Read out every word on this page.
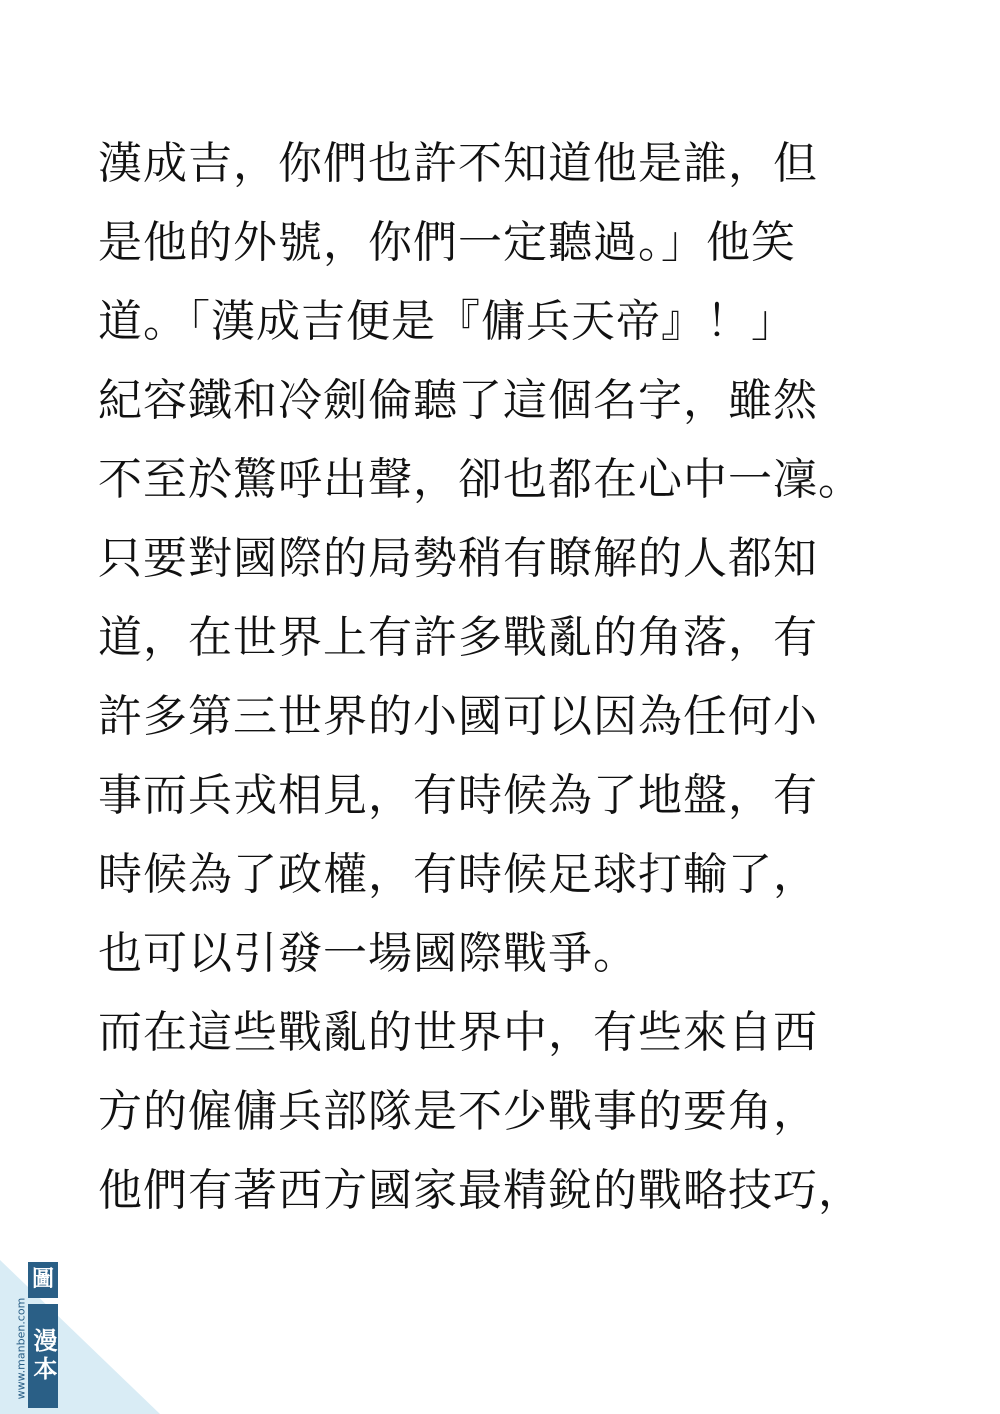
漢成吉，你們也許不知道他是誰，但
是他的外號，你們一定聽過。」他笑
道。「漢成吉便是『傭兵天帝』！」
紀容鐵和冷劍倫聽了這個名字，雖然
不至於驚呼出聲，卻也都在心中一凜。
只要對國際的局勢稍有瞭解的人都知
道，在世界上有許多戰亂的角落，有
許多第三世界的小國可以因為任何小
事而兵戎相見，有時候為了地盤，有
時候為了政權，有時候足球打輸了，
也可以引發一場國際戰爭。
而在這些戰亂的世界中，有些來自西
方的僱傭兵部隊是不少戰事的要角，
他們有著西方國家最精銳的戰略技巧，
www.manben.com
圖
漫本
